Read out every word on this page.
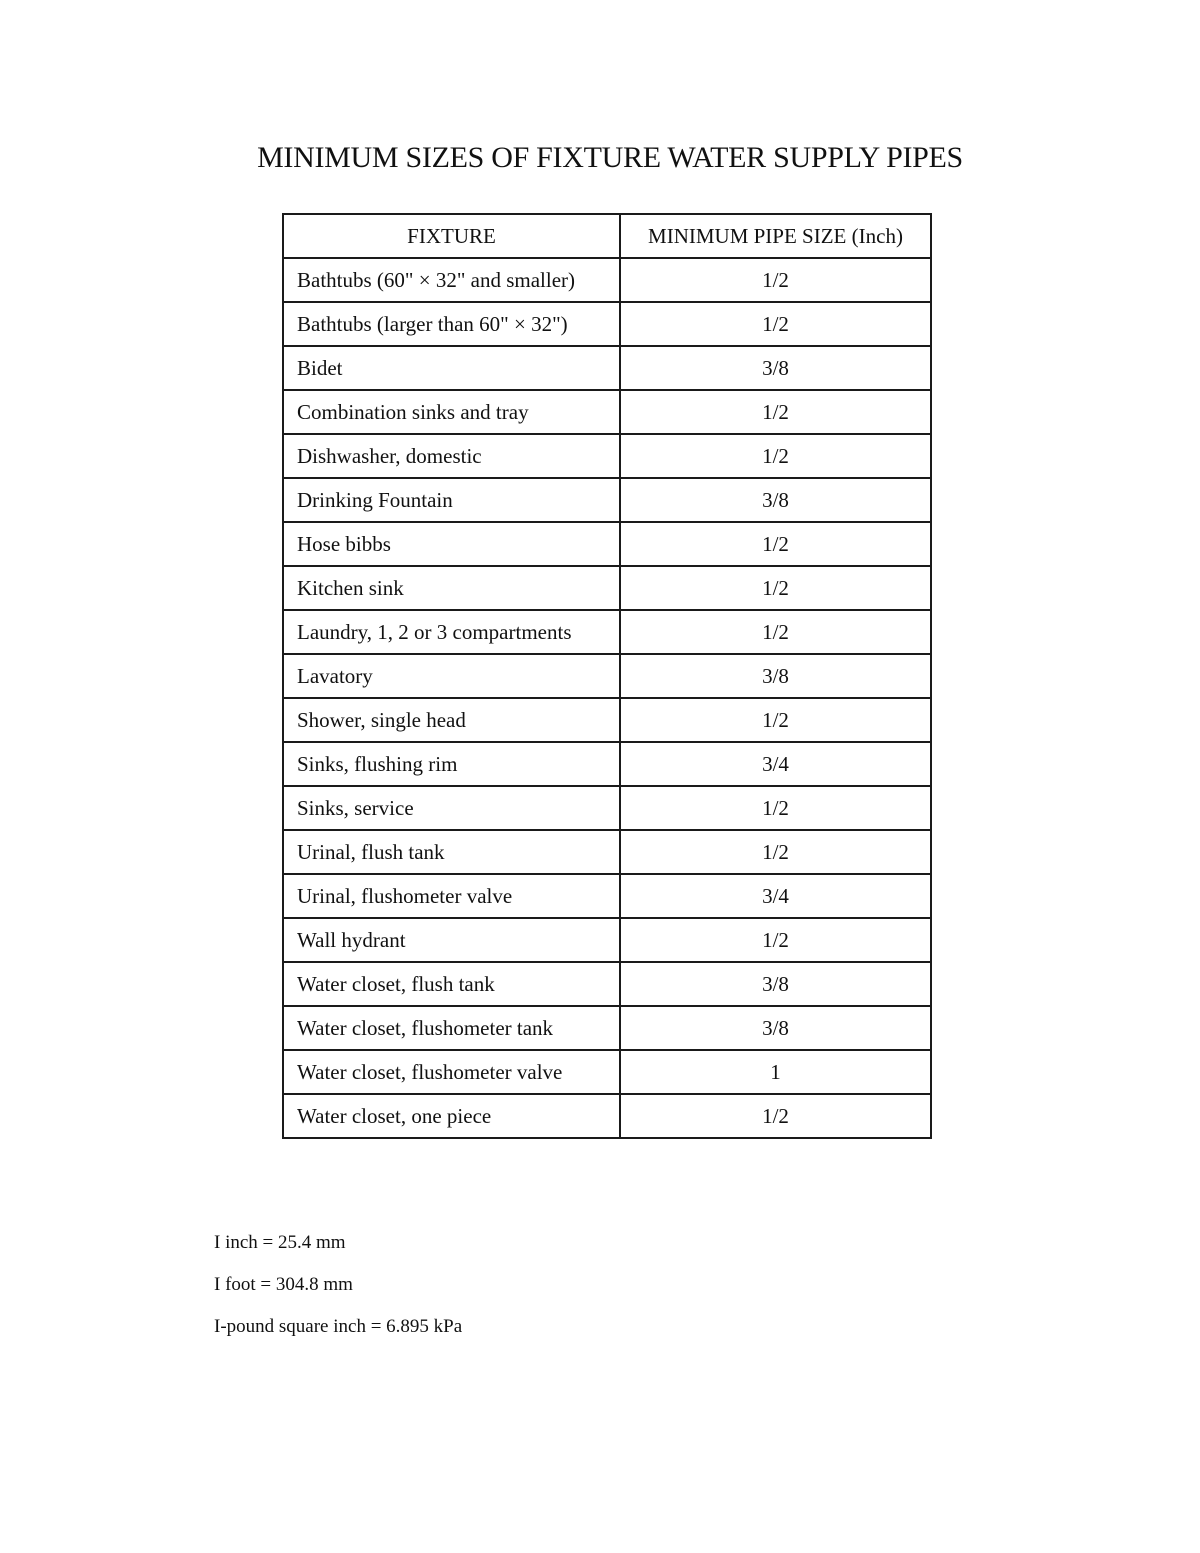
MINIMUM SIZES OF FIXTURE WATER SUPPLY PIPES
FIXTURE	MINIMUM PIPE SIZE (Inch)
Bathtubs (60" × 32" and smaller)	1/2
Bathtubs (larger than 60" × 32")	1/2
Bidet	3/8
Combination sinks and tray	1/2
Dishwasher, domestic	1/2
Drinking Fountain	3/8
Hose bibbs	1/2
Kitchen sink	1/2
Laundry, 1, 2 or 3 compartments	1/2
Lavatory	3/8
Shower, single head	1/2
Sinks, flushing rim	3/4
Sinks, service	1/2
Urinal, flush tank	1/2
Urinal, flushometer valve	3/4
Wall hydrant	1/2
Water closet, flush tank	3/8
Water closet, flushometer tank	3/8
Water closet, flushometer valve	1
Water closet, one piece	1/2
I inch = 25.4 mm
I foot = 304.8 mm
I-pound square inch = 6.895 kPa
